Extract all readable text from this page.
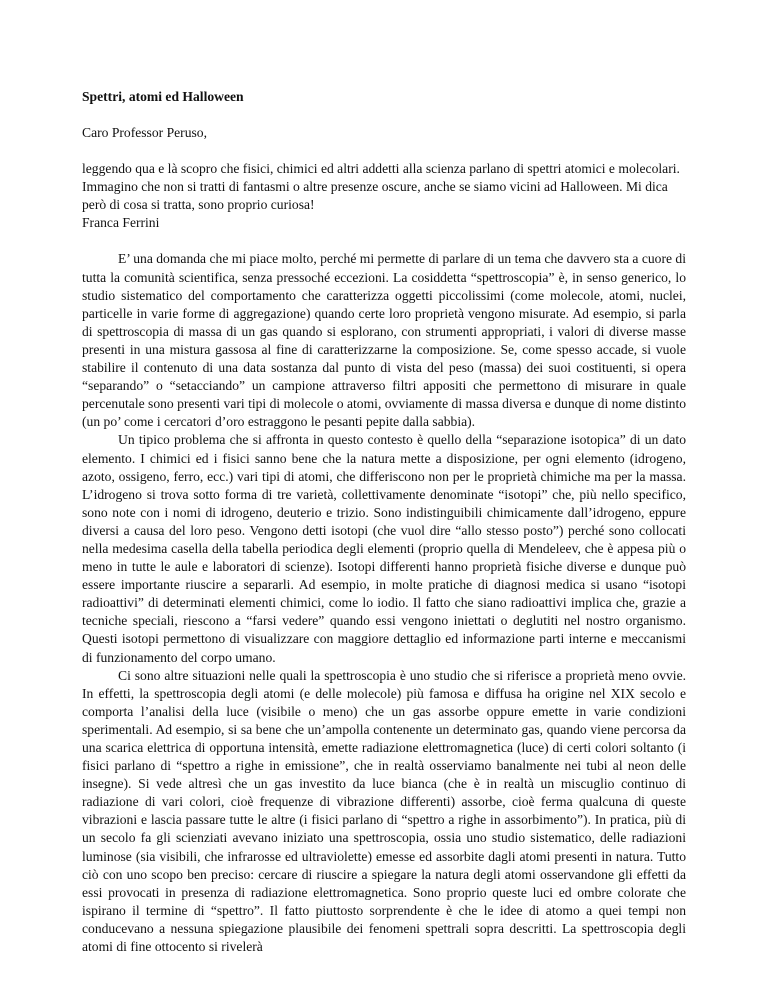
Spettri, atomi ed Halloween

Caro Professor Peruso,

leggendo qua e là scopro che fisici, chimici ed altri addetti alla scienza parlano di spettri atomici e molecolari. Immagino che non si tratti di fantasmi o altre presenze oscure, anche se siamo vicini ad Halloween. Mi dica però di cosa si tratta, sono proprio curiosa!

Franca Ferrini

E’ una domanda che mi piace molto, perché mi permette di parlare di un tema che davvero sta a cuore di tutta la comunità scientifica, senza pressoché eccezioni. La cosiddetta “spettroscopia” è, in senso generico, lo studio sistematico del comportamento che caratterizza oggetti piccolissimi (come molecole, atomi, nuclei, particelle in varie forme di aggregazione) quando certe loro proprietà vengono misurate. Ad esempio, si parla di spettroscopia di massa di un gas quando si esplorano, con strumenti appropriati, i valori di diverse masse presenti in una mistura gassosa al fine di caratterizzarne la composizione. Se, come spesso accade, si vuole stabilire il contenuto di una data sostanza dal punto di vista del peso (massa) dei suoi costituenti, si opera “separando” o “setacciando” un campione attraverso filtri appositi che permettono di misurare in quale percenutale sono presenti vari tipi di molecole o atomi, ovviamente di massa diversa e dunque di nome distinto (un po’ come i cercatori d’oro estraggono le pesanti pepite dalla sabbia).

Un tipico problema che si affronta in questo contesto è quello della “separazione isotopica” di un dato elemento. I chimici ed i fisici sanno bene che la natura mette a disposizione, per ogni elemento (idrogeno, azoto, ossigeno, ferro, ecc.) vari tipi di atomi, che differiscono non per le proprietà chimiche ma per la massa. L’idrogeno si trova sotto forma di tre varietà, collettivamente denominate “isotopi” che, più nello specifico, sono note con i nomi di idrogeno, deuterio e trizio. Sono indistinguibili chimicamente dall’idrogeno, eppure diversi a causa del loro peso. Vengono detti isotopi (che vuol dire “allo stesso posto”) perché sono collocati nella medesima casella della tabella periodica degli elementi (proprio quella di Mendeleev, che è appesa più o meno in tutte le aule e laboratori di scienze). Isotopi differenti hanno proprietà fisiche diverse e dunque può essere importante riuscire a separarli. Ad esempio, in molte pratiche di diagnosi medica si usano “isotopi radioattivi” di determinati elementi chimici, come lo iodio. Il fatto che siano radioattivi implica che, grazie a tecniche speciali, riescono a “farsi vedere” quando essi vengono iniettati o deglutiti nel nostro organismo. Questi isotopi permettono di visualizzare con maggiore dettaglio ed informazione parti interne e meccanismi di funzionamento del corpo umano.

Ci sono altre situazioni nelle quali la spettroscopia è uno studio che si riferisce a proprietà meno ovvie. In effetti, la spettroscopia degli atomi (e delle molecole) più famosa e diffusa ha origine nel XIX secolo e comporta l’analisi della luce (visibile o meno) che un gas assorbe oppure emette in varie condizioni sperimentali. Ad esempio, si sa bene che un’ampolla contenente un determinato gas, quando viene percorsa da una scarica elettrica di opportuna intensità, emette radiazione elettromagnetica (luce) di certi colori soltanto (i fisici parlano di “spettro a righe in emissione”, che in realtà osserviamo banalmente nei tubi al neon delle insegne). Si vede altresì che un gas investito da luce bianca (che è in realtà un miscuglio continuo di radiazione di vari colori, cioè frequenze di vibrazione differenti) assorbe, cioè ferma qualcuna di queste vibrazioni e lascia passare tutte le altre (i fisici parlano di “spettro a righe in assorbimento”). In pratica, più di un secolo fa gli scienziati avevano iniziato una spettroscopia, ossia uno studio sistematico, delle radiazioni luminose (sia visibili, che infrarosse ed ultraviolette) emesse ed assorbite dagli atomi presenti in natura. Tutto ciò con uno scopo ben preciso: cercare di riuscire a spiegare la natura degli atomi osservandone gli effetti da essi provocati in presenza di radiazione elettromagnetica. Sono proprio queste luci ed ombre colorate che ispirano il termine di “spettro”. Il fatto piuttosto sorprendente è che le idee di atomo a quei tempi non conducevano a nessuna spiegazione plausibile dei fenomeni spettrali sopra descritti. La spettroscopia degli atomi di fine ottocento si rivelerà
